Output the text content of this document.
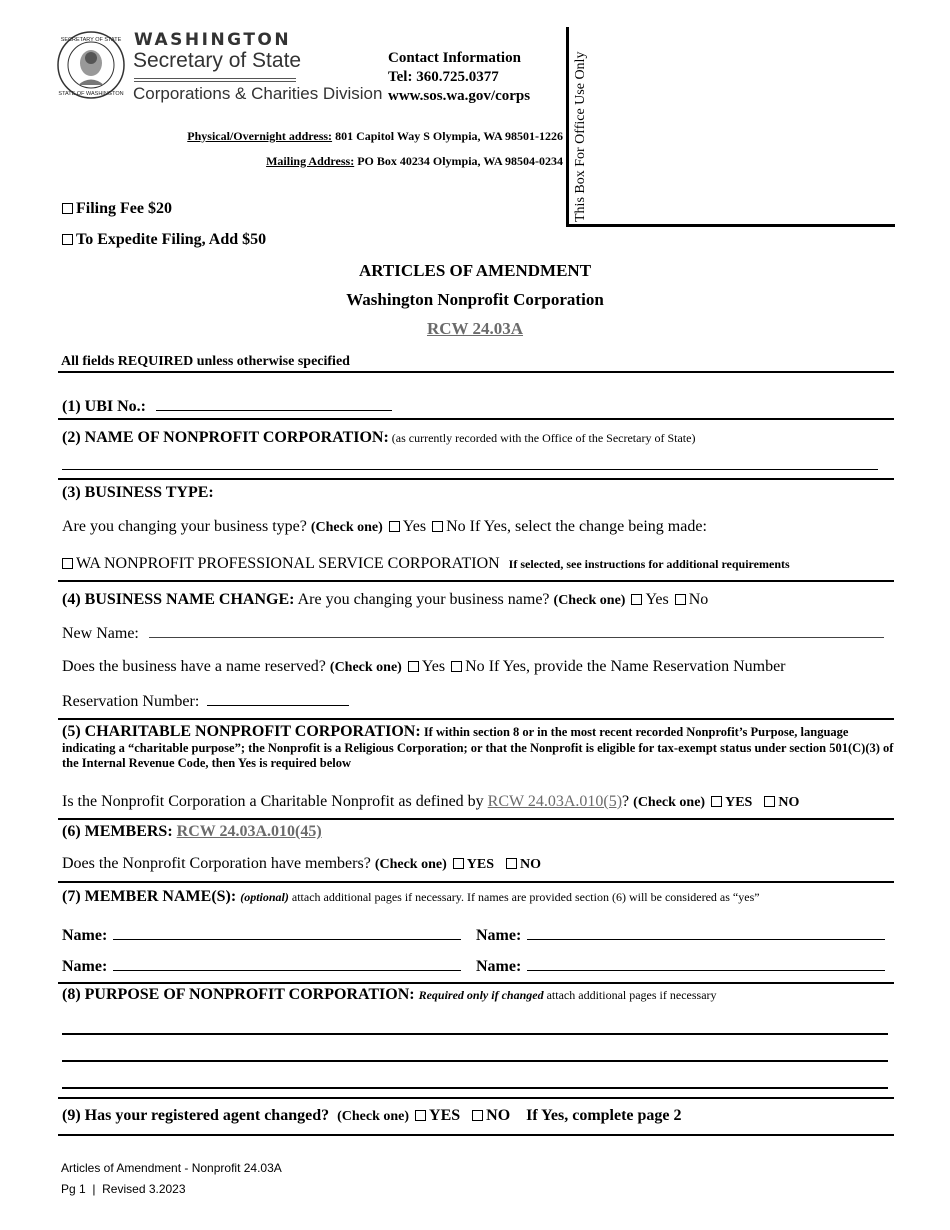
SECRETARY OF STATE
STATE OF WASHINGTON
WASHINGTON
Secretary of State
Corporations & Charities Division
Contact Information
Tel: 360.725.0377
www.sos.wa.gov/corps
Physical/Overnight address: 801 Capitol Way S Olympia, WA 98501-1226
Mailing Address: PO Box 40234 Olympia, WA 98504-0234 This Box For Office Use Only
Filing Fee $20
To Expedite Filing, Add $50
ARTICLES OF AMENDMENT
Washington Nonprofit Corporation
RCW 24.03A
All fields REQUIRED unless otherwise specified
(1) UBI No.:
(2) NAME OF NONPROFIT CORPORATION: (as currently recorded with the Office of the Secretary of State)
(3) BUSINESS TYPE:
Are you changing your business type? (Check one) Yes No If Yes, select the change being made:
WA NONPROFIT PROFESSIONAL SERVICE CORPORATION If selected, see instructions for additional requirements
(4) BUSINESS NAME CHANGE: Are you changing your business name? (Check one) Yes No
New Name:
Does the business have a name reserved? (Check one) Yes No If Yes, provide the Name Reservation Number
Reservation Number:
(5) CHARITABLE NONPROFIT CORPORATION: If within section 8 or in the most recent recorded Nonprofit’s Purpose, language indicating a “charitable purpose”; the Nonprofit is a Religious Corporation; or that the Nonprofit is eligible for tax-exempt status under section 501(C)(3) of the Internal Revenue Code, then Yes is required below
Is the Nonprofit Corporation a Charitable Nonprofit as defined by RCW 24.03A.010(5)? (Check one) YES NO
(6) MEMBERS: RCW 24.03A.010(45)
Does the Nonprofit Corporation have members? (Check one) YES NO
(7) MEMBER NAME(S): (optional) attach additional pages if necessary. If names are provided section (6) will be considered as “yes”
Name:	Name:
Name:	Name:
(8) PURPOSE OF NONPROFIT CORPORATION: Required only if changed attach additional pages if necessary
(9) Has your registered agent changed? (Check one) YES NO If Yes, complete page 2
Articles of Amendment - Nonprofit 24.03A
Pg 1  |  Revised 3.2023
